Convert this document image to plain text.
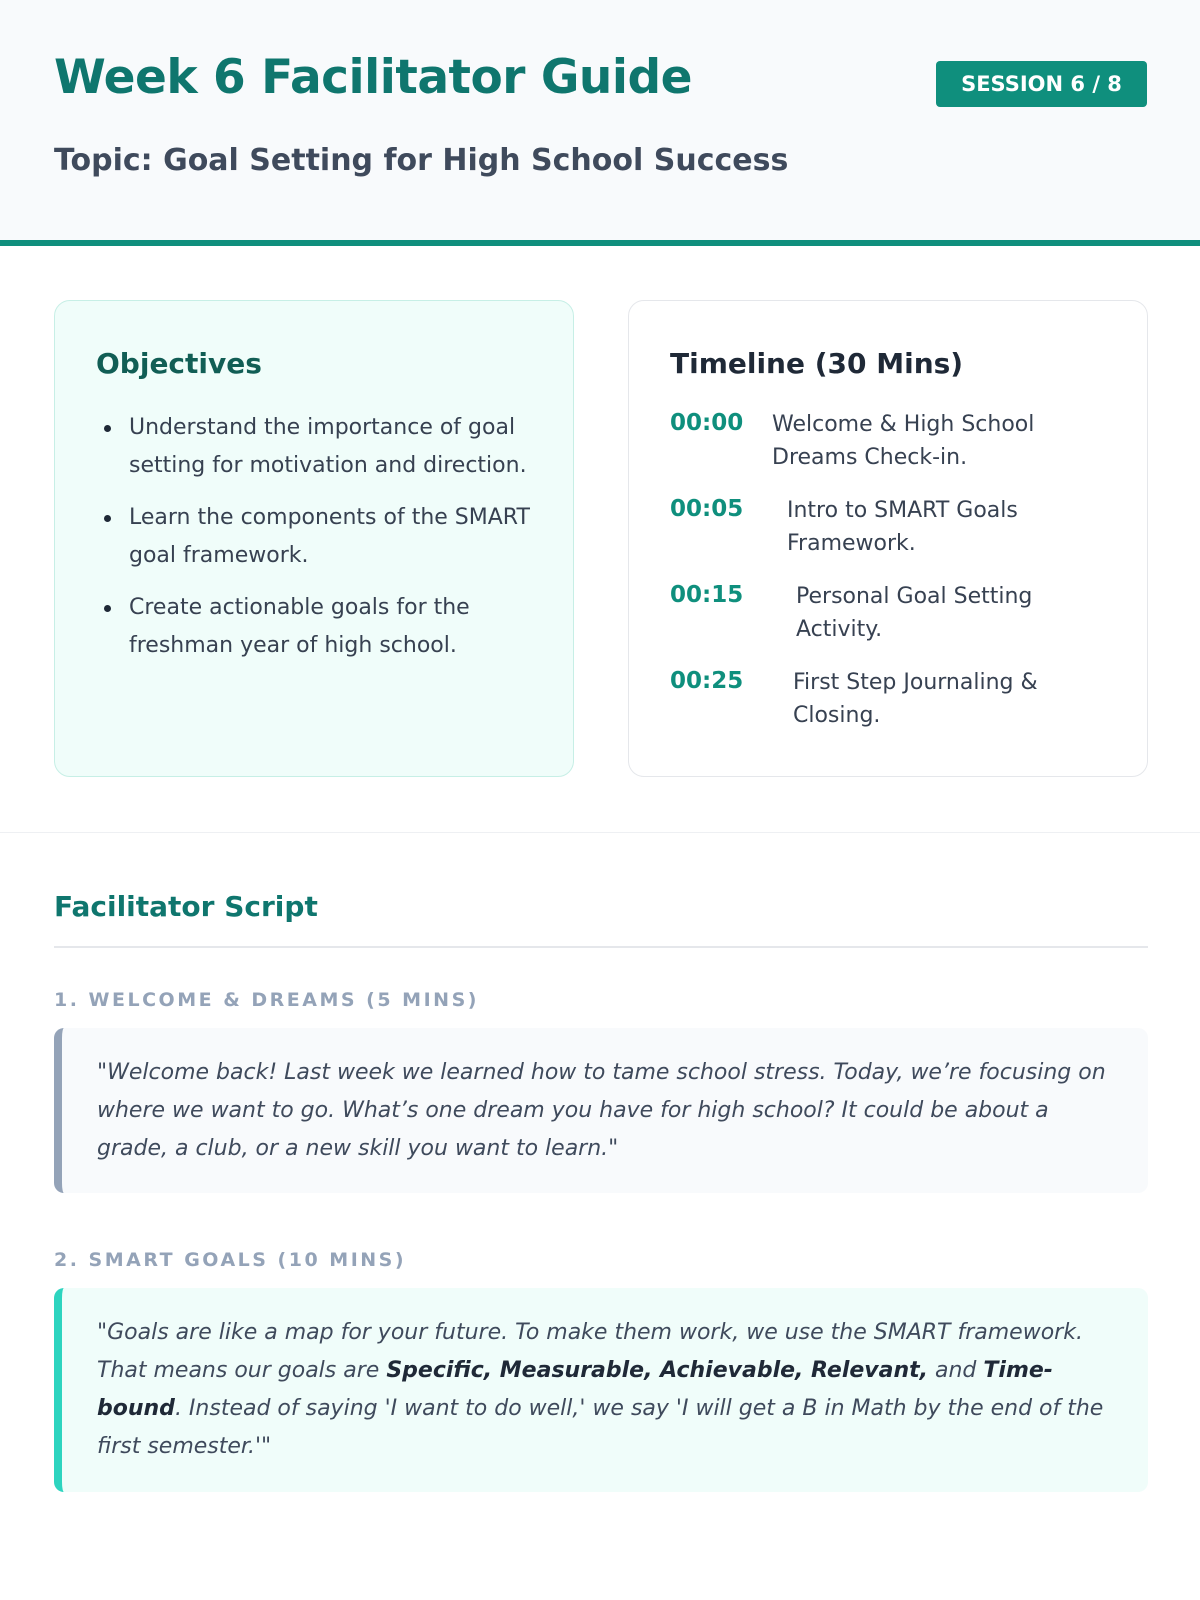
Week 6 Facilitator Guide	SESSION 6 / 8
Topic: Goal Setting for High School Success
Objectives
Understand the importance of goal setting for motivation and direction.
Learn the components of the SMART goal framework.
Create actionable goals for the freshman year of high school.
Timeline (30 Mins)
00:00	Welcome & High School Dreams Check-in.
00:05	Intro to SMART Goals Framework.
00:15	Personal Goal Setting Activity.
00:25	First Step Journaling & Closing.
Facilitator Script
1. WELCOME & DREAMS (5 MINS)
"Welcome back! Last week we learned how to tame school stress. Today, we’re focusing on where we want to go. What’s one dream you have for high school? It could be about a grade, a club, or a new skill you want to learn."
2. SMART GOALS (10 MINS)
"Goals are like a map for your future. To make them work, we use the SMART framework. That means our goals are Specific, Measurable, Achievable, Relevant, and Time-bound. Instead of saying 'I want to do well,' we say 'I will get a B in Math by the end of the first semester.'"
